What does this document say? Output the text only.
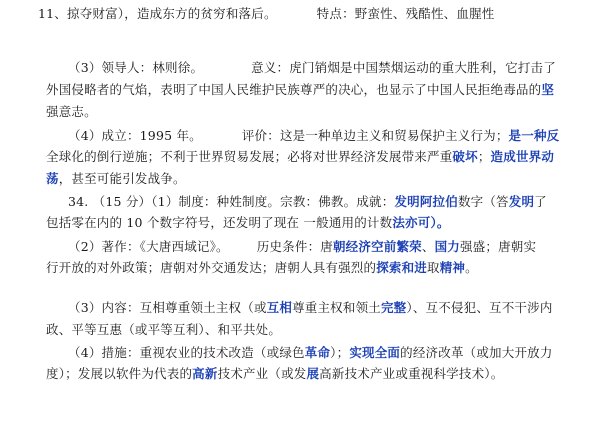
11、掠夺财富），造成东方的贫穷和落后。	特点：野蛮性、残酷性、血腥性
（3）领导人：林则徐。	意义：虎门销烟是中国禁烟运动的重大胜利，它打击了
外国侵略者的气焰，表明了中国人民维护民族尊严的决心，也显示了中国人民拒绝毒品的坚
强意志。
（4）成立：1995 年。	评价：这是一种单边主义和贸易保护主义行为；是一种反
全球化的倒行逆施；不利于世界贸易发展；必将对世界经济发展带来严重破坏；造成世界动
荡，甚至可能引发战争。
34. （15 分）（1）制度：种姓制度。宗教：佛教。成就：发明阿拉伯数字（答发明了
包括零在内的 10 个数字符号，还发明了现在 一般通用的计数法亦可）。
（2）著作：《大唐西域记》。 历史条件：唐朝经济空前繁荣、国力强盛；唐朝实
行开放的对外政策；唐朝对外交通发达；唐朝人具有强烈的探索和进取精神。
（3）内容：互相尊重领土主权（或互相尊重主权和领土完整）、互不侵犯、互不干涉内
政、平等互惠（或平等互利）、和平共处。
（4）措施：重视农业的技术改造（或绿色革命）；实现全面的经济改革（或加大开放力
度）；发展以软件为代表的高新技术产业（或发展高新技术产业或重视科学技术）。
